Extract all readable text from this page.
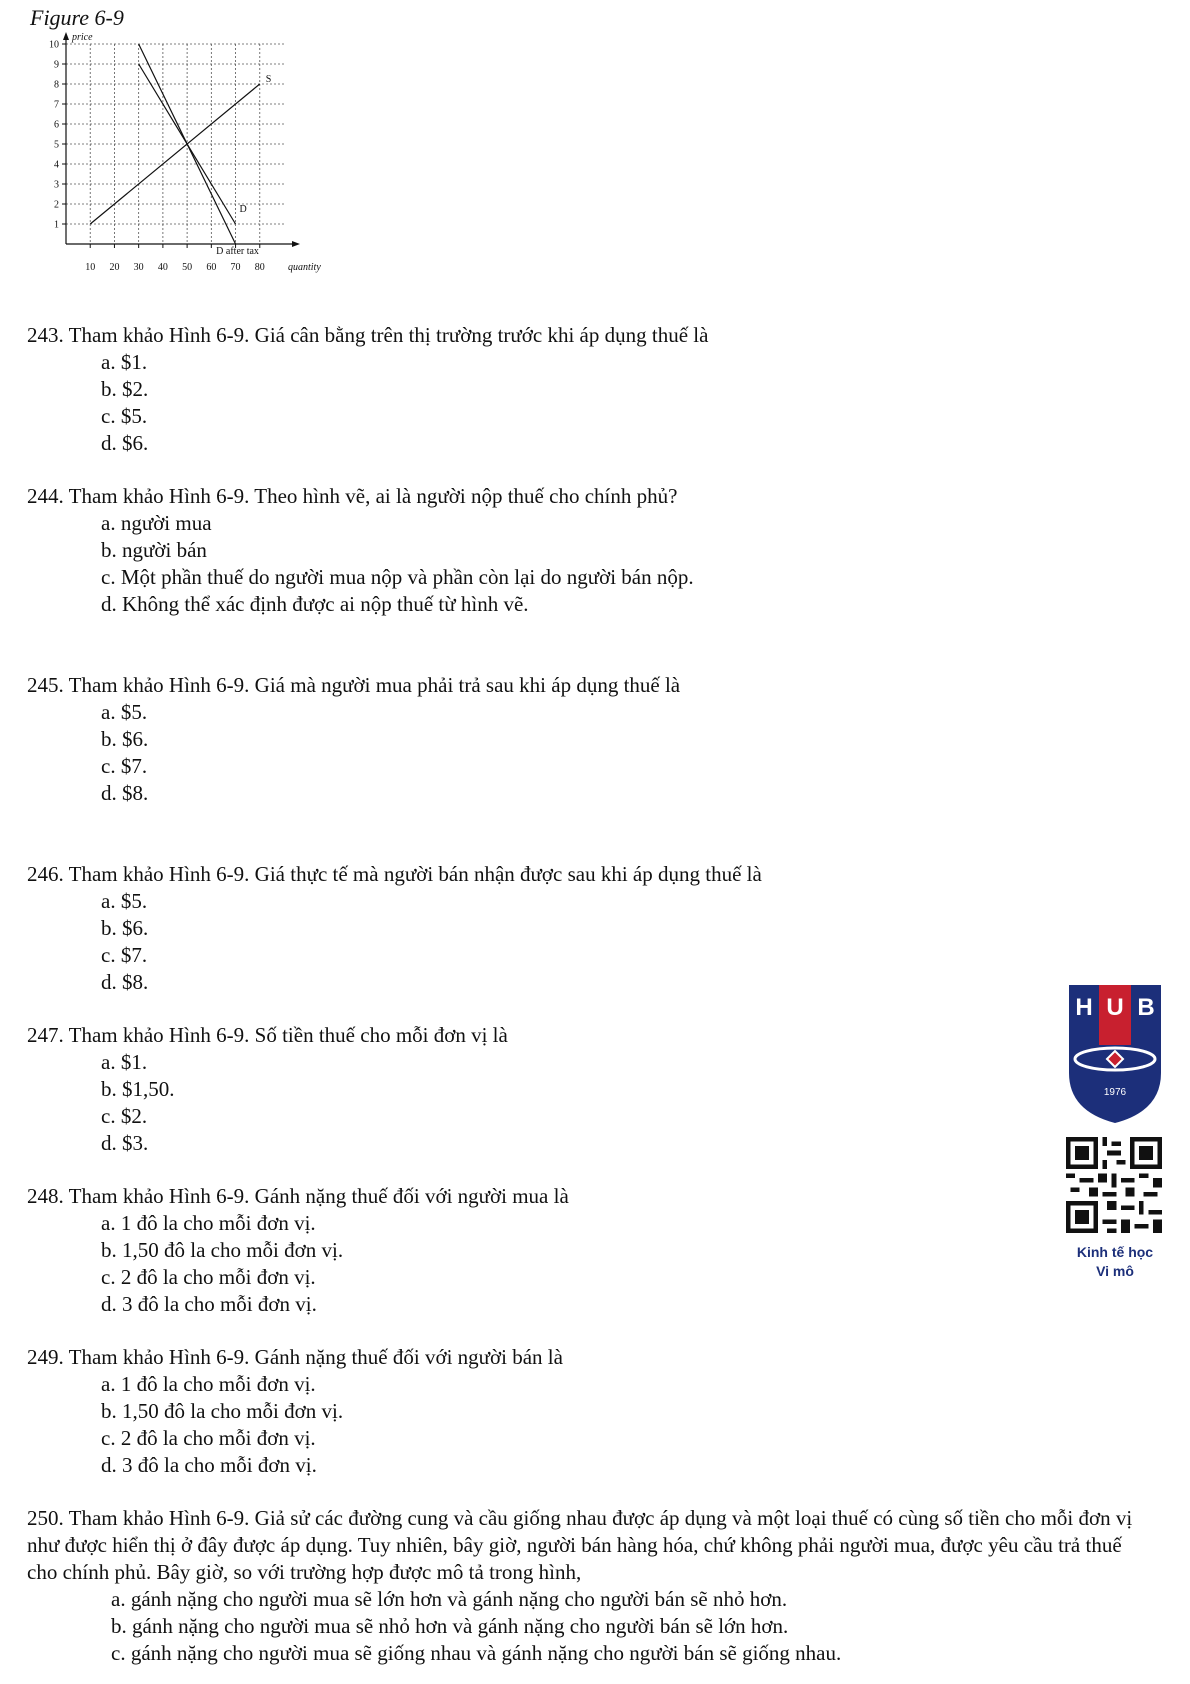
Figure 6-9
1
2
3
4
5
6
7
8
9
10
10 20 30 40 50 60 70 80
price
quantity
S
D
D after tax
243. Tham khảo Hình 6-9. Giá cân bằng trên thị trường trước khi áp dụng thuế là
a. $1.
b. $2.
c. $5.
d. $6.
244. Tham khảo Hình 6-9. Theo hình vẽ, ai là người nộp thuế cho chính phủ?
a. người mua
b. người bán
c. Một phần thuế do người mua nộp và phần còn lại do người bán nộp.
d. Không thể xác định được ai nộp thuế từ hình vẽ.
245. Tham khảo Hình 6-9. Giá mà người mua phải trả sau khi áp dụng thuế là
a. $5.
b. $6.
c. $7.
d. $8.
246. Tham khảo Hình 6-9. Giá thực tế mà người bán nhận được sau khi áp dụng thuế là
a. $5.
b. $6.
c. $7.
d. $8.
247. Tham khảo Hình 6-9. Số tiền thuế cho mỗi đơn vị là
a. $1.
b. $1,50.
c. $2.
d. $3.
248. Tham khảo Hình 6-9. Gánh nặng thuế đối với người mua là
a. 1 đô la cho mỗi đơn vị.
b. 1,50 đô la cho mỗi đơn vị.
c. 2 đô la cho mỗi đơn vị.
d. 3 đô la cho mỗi đơn vị.
249. Tham khảo Hình 6-9. Gánh nặng thuế đối với người bán là
a. 1 đô la cho mỗi đơn vị.
b. 1,50 đô la cho mỗi đơn vị.
c. 2 đô la cho mỗi đơn vị.
d. 3 đô la cho mỗi đơn vị.
250. Tham khảo Hình 6-9. Giả sử các đường cung và cầu giống nhau được áp dụng và một loại thuế có cùng số tiền cho mỗi đơn vị như được hiển thị ở đây được áp dụng. Tuy nhiên, bây giờ, người bán hàng hóa, chứ không phải người mua, được yêu cầu trả thuế cho chính phủ. Bây giờ, so với trường hợp được mô tả trong hình,
a. gánh nặng cho người mua sẽ lớn hơn và gánh nặng cho người bán sẽ nhỏ hơn.
b. gánh nặng cho người mua sẽ nhỏ hơn và gánh nặng cho người bán sẽ lớn hơn.
c. gánh nặng cho người mua sẽ giống nhau và gánh nặng cho người bán sẽ giống nhau.
H U B
1976
Kinh tế học
Vi mô
